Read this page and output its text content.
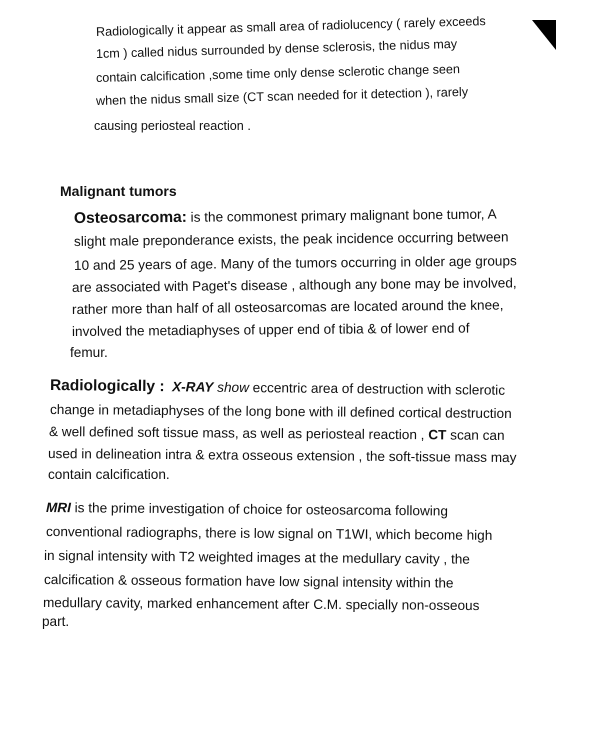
Radiologically it appear as small area of radiolucency ( rarely exceeds
1cm ) called nidus surrounded by dense sclerosis, the nidus may
contain calcification ,some time only dense sclerotic change seen
when the nidus small size (CT scan needed for it detection ), rarely
causing periosteal reaction .
Malignant tumors
Osteosarcoma: is the commonest primary malignant bone tumor, A
slight male preponderance exists, the peak incidence occurring between
10 and 25 years of age. Many of the tumors occurring in older age groups
are associated with Paget's disease , although any bone may be involved,
rather more than half of all osteosarcomas are located around the knee,
involved the metadiaphyses of upper end of tibia & of lower end of
femur.
Radiologically : X-RAY show eccentric area of destruction with sclerotic
change in metadiaphyses of the long bone with ill defined cortical destruction
& well defined soft tissue mass, as well as periosteal reaction , CT scan can
used in delineation intra & extra osseous extension , the soft-tissue mass may
contain calcification.
MRI is the prime investigation of choice for osteosarcoma following
conventional radiographs, there is low signal on T1WI, which become high
in signal intensity with T2 weighted images at the medullary cavity , the
calcification & osseous formation have low signal intensity within the
medullary cavity, marked enhancement after C.M. specially non-osseous
part.
